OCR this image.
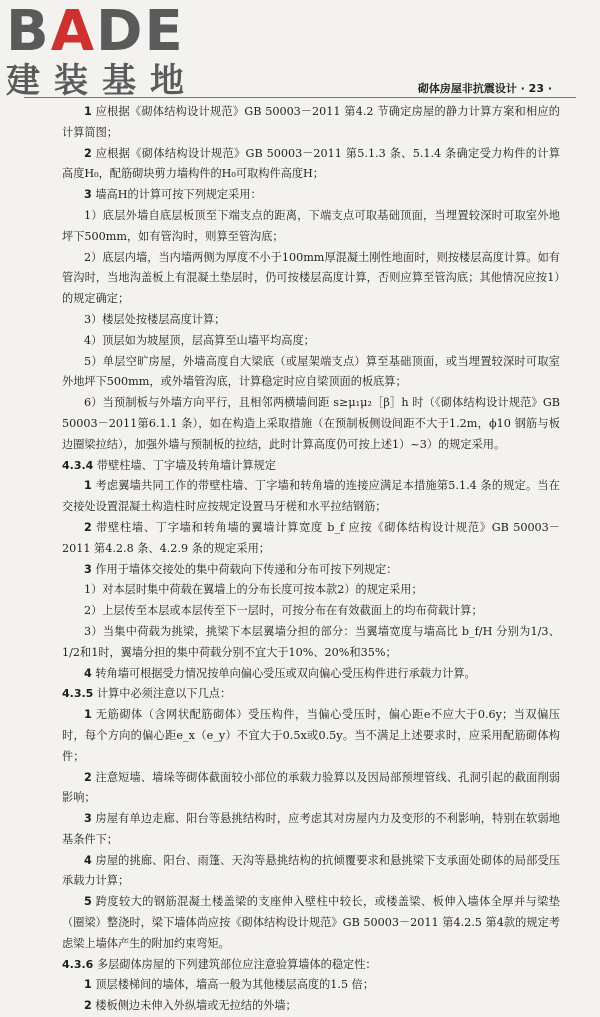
BADE
建装基地	砌体房屋非抗震设计 · 23 ·

1 应根据《砌体结构设计规范》GB 50003－2011 第4.2 节确定房屋的静力计算方案和相应的计算简图；

2 应根据《砌体结构设计规范》GB 50003－2011 第5.1.3 条、5.1.4 条确定受力构件的计算高度H₀，配筋砌块剪力墙构件的H₀可取构件高度H；

3 墙高H的计算可按下列规定采用：

1）底层外墙自底层板顶至下端支点的距离，下端支点可取基础顶面，当埋置较深时可取室外地坪下500mm，如有管沟时，则算至管沟底；

2）底层内墙，当内墙两侧为厚度不小于100mm厚混凝土刚性地面时，则按楼层高度计算。如有管沟时，当地沟盖板上有混凝土垫层时，仍可按楼层高度计算，否则应算至管沟底；其他情况应按1）的规定确定；

3）楼层处按楼层高度计算；

4）顶层如为坡屋顶，层高算至山墙平均高度；

5）单层空旷房屋，外墙高度自大梁底（或屋架端支点）算至基础顶面，或当埋置较深时可取室外地坪下500mm，或外墙管沟底，计算稳定时应自梁顶面的板底算；

6）当预制板与外墙方向平行，且相邻两横墙间距 s≥μ₁μ₂［β］h 时（《砌体结构设计规范》GB 50003－2011第6.1.1 条），如在构造上采取措施（在预制板侧设间距不大于1.2m，ϕ10 钢筋与板边圈梁拉结），加强外墙与预制板的拉结，此时计算高度仍可按上述1）~3）的规定采用。

4.3.4 带壁柱墙、丁字墙及转角墙计算规定

1 考虑翼墙共同工作的带壁柱墙、丁字墙和转角墙的连接应满足本措施第5.1.4 条的规定。当在交接处设置混凝土构造柱时应按规定设置马牙槎和水平拉结钢筋；

2 带壁柱墙、丁字墙和转角墙的翼墙计算宽度 b_f 应按《砌体结构设计规范》GB 50003－2011 第4.2.8 条、4.2.9 条的规定采用；

3 作用于墙体交接处的集中荷载向下传递和分布可按下列规定：

1）对本层时集中荷载在翼墙上的分布长度可按本款2）的规定采用；

2）上层传至本层或本层传至下一层时，可按分布在有效截面上的均布荷载计算；

3）当集中荷载为挑梁，挑梁下本层翼墙分担的部分：当翼墙宽度与墙高比 b_f/H 分别为1/3、1/2和1时，翼墙分担的集中荷载分别不宜大于10%、20%和35%；

4 转角墙可根据受力情况按单向偏心受压或双向偏心受压构件进行承载力计算。

4.3.5 计算中必须注意以下几点：

1 无筋砌体（含网状配筋砌体）受压构件，当偏心受压时，偏心距e不应大于0.6y；当双偏压时，每个方向的偏心距e_x（e_y）不宜大于0.5x或0.5y。当不满足上述要求时，应采用配筋砌体构件；

2 注意短墙、墙垛等砌体截面较小部位的承载力验算以及因局部预埋管线、孔洞引起的截面削弱影响；

3 房屋有单边走廊、阳台等悬挑结构时，应考虑其对房屋内力及变形的不利影响，特别在软弱地基条件下；

4 房屋的挑廊、阳台、雨篷、天沟等悬挑结构的抗倾覆要求和悬挑梁下支承面处砌体的局部受压承载力计算；

5 跨度较大的钢筋混凝土楼盖梁的支座伸入壁柱中较长，或楼盖梁、板伸入墙体全厚并与梁垫（圈梁）整浇时，梁下墙体尚应按《砌体结构设计规范》GB 50003－2011 第4.2.5 第4款的规定考虑梁上墙体产生的附加约束弯矩。

4.3.6 多层砌体房屋的下列建筑部位应注意验算墙体的稳定性：

1 顶层楼梯间的墙体，墙高一般为其他楼层高度的1.5 倍；

2 楼板侧边未伸入外纵墙或无拉结的外墙；
